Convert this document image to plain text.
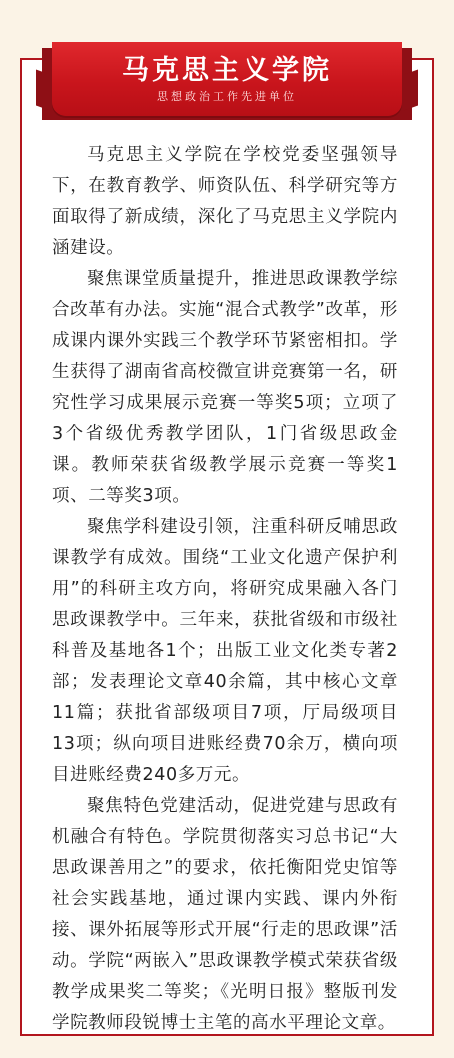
马克思主义学院
思想政治工作先进单位

马克思主义学院在学校党委坚强领导下，在教育教学、师资队伍、科学研究等方面取得了新成绩，深化了马克思主义学院内涵建设。

聚焦课堂质量提升，推进思政课教学综合改革有办法。实施“混合式教学”改革，形成课内课外实践三个教学环节紧密相扣。学生获得了湖南省高校微宣讲竞赛第一名，研究性学习成果展示竞赛一等奖5项；立项了3个省级优秀教学团队，1门省级思政金课。教师荣获省级教学展示竞赛一等奖1项、二等奖3项。

聚焦学科建设引领，注重科研反哺思政课教学有成效。围绕“工业文化遗产保护利用”的科研主攻方向，将研究成果融入各门思政课教学中。三年来，获批省级和市级社科普及基地各1个；出版工业文化类专著2部；发表理论文章40余篇，其中核心文章11篇；获批省部级项目7项，厅局级项目13项；纵向项目进账经费70余万，横向项目进账经费240多万元。

聚焦特色党建活动，促进党建与思政有机融合有特色。学院贯彻落实习总书记“大思政课善用之”的要求，依托衡阳党史馆等社会实践基地，通过课内实践、课内外衔接、课外拓展等形式开展“行走的思政课”活动。学院“两嵌入”思政课教学模式荣获省级教学成果奖二等奖；《光明日报》整版刊发学院教师段锐博士主笔的高水平理论文章。
